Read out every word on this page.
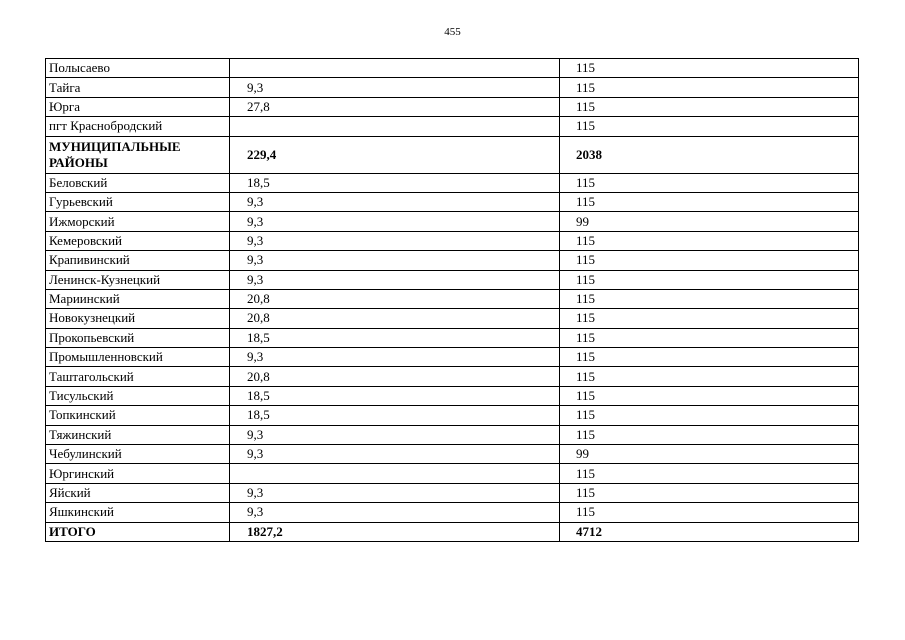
455
Полысаево		115
Тайга	9,3	115
Юрга	27,8	115
пгт Краснобродский		115
МУНИЦИПАЛЬНЫЕ РАЙОНЫ	229,4	2038
Беловский	18,5	115
Гурьевский	9,3	115
Ижморский	9,3	99
Кемеровский	9,3	115
Крапивинский	9,3	115
Ленинск-Кузнецкий	9,3	115
Мариинский	20,8	115
Новокузнецкий	20,8	115
Прокопьевский	18,5	115
Промышленновский	9,3	115
Таштагольский	20,8	115
Тисульский	18,5	115
Топкинский	18,5	115
Тяжинский	9,3	115
Чебулинский	9,3	99
Юргинский		115
Яйский	9,3	115
Яшкинский	9,3	115
ИТОГО	1827,2	4712
